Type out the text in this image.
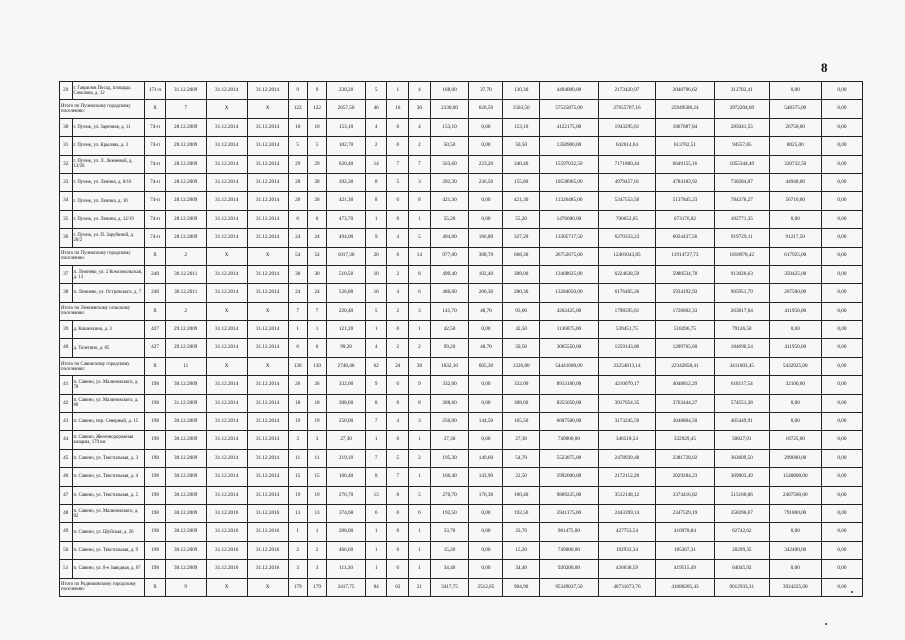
8
29	г. Гаврилов Посад, площадь Соколова, д. 12	171-п	31.12.2009	31.12.2014	31.12.2014	9	9	230,20	5	1	4	168,00	37,70	130,30	4494000,00	2173420,97	2048796,62	312782,41	0,00	0,00
Итого по Пучежскому городскому поселению:		X	7	X	X	122	122	2657,50	46	16	30	2130,00	626,50	1503,50	57525875,00	27055707,16	25949588,24	3972204,60	548375,00	0,00
30	г. Пучеж, ул. Заречная, д. 11	74-п	28.12.2009	31.12.2014	31.12.2014	10	10	153,10	4	0	4	153,10	0,00	153,10	4122175,00	1943295,61	1867087,84	285041,55	26750,00	0,00
31	г. Пучеж, ул. Крылова, д. 3	74-п	28.12.2009	31.12.2014	31.12.2014	5	5	102,70	2	0	2	50,50	0,00	50,50	1358900,00	642614,64	613702,51	94557,85	8025,00	0,00
32	г. Пучеж, ул. Л. Лежневой, д. 13/26	74-п	28.12.2009	31.12.2014	31.12.2014	29	29	620,40	14	7	7	563,60	223,20	340,40	15597032,50	7171800,44	6649155,16	1055344,40	320732,50	0,00
33	г. Пучеж, ул. Ленина, д. 8/16	74-п	28.12.2009	31.12.2014	31.12.2014	28	28	392,30	8	5	3	392,30	236,50	155,80	10538965,00	4979457,01	4784183,92	730284,07	44940,00	0,00
34	г. Пучеж, ул. Ленина, д. 10	74-п	28.12.2009	31.12.2014	31.12.2014	20	20	421,30	8	0	8	421,30	0,00	421,30	11326485,00	5347553,50	5137845,23	784376,27	56710,00	0,00
35	г. Пучеж, ул. Ленина, д. 12/19	74-п	28.12.2009	31.12.2014	31.12.2014	6	6	473,70	1	0	1	55,20	0,00	55,20	1476600,00	700652,65	673176,02	102771,35	0,00	0,00
36	г. Пучеж, ул. П. Зарубиной, д. 20/2	74-п	28.12.2009	31.12.2014	31.12.2014	24	24	494,00	9	4	5	494,00	166,80	327,20	13305717,50	6270333,23	6024437,56	919729,11	91217,50	0,00
Итого по Пучежскому городскому поселению:		X	2	X	X	54	54	1017,30	20	6	14	977,00	308,70	668,30	26752675,00	12401043,85	11914727,73	1818978,42	617925,00	0,00
37	п. Лежнево, ул. 2 Комсомольская, д. 13	248	30.12.2011	31.12.2014	31.12.2014	30	30	510,50	10	2	8	490,40	102,40	388,00	13468625,00	6224638,59	5980534,78	913026,63	350425,00	0,00
38	п. Лежнево, ул. Островского, д. 7	248	30.12.2011	31.12.2014	31.12.2014	24	24	526,80	10	4	6	486,60	206,30	280,30	13284050,00	6176405,26	5934192,93	905951,79	267500,00	0,00
Итого по Лежневскому сельскому поселению:		X	2	X	X	7	7	220,40	5	2	3	141,70	48,70	93,00	4202425,00	1798595,61	1728062,33	263817,04	411950,00	0,00
39	д. Кишелкино, д. 3	427	29.12.2009	31.12.2014	31.12.2014	1	1	121,20	1	0	1	42,50	0,00	42,50	1136875,00	539451,75	518296,75	79126,50	0,00	0,00
40	д. Телегино, д. 85	427	29.12.2009	31.12.2014	31.12.2014	6	6	99,20	4	2	2	99,20	48,70	50,50	3065550,00	1259143,86	1209765,60	184690,54	411950,00	0,00
Итого по Савинскому городскому поселению:		X	11	X	X	130	130	2740,48	62	24	38	1832,10	605,30	1226,80	54441600,00	23254813,14	22342858,41	3411003,45	5432925,00	0,00
41	п. Савино, ул. Малиновского, д. 78	198	30.12.2009	31.12.2014	31.12.2014	26	26	332,00	9	0	9	332,00	0,00	332,00	8913100,00	4210070,17	4048812,29	618117,54	32100,00	0,00
42	п. Савино, ул. Малиновского, д. 80	198	31.12.2009	31.12.2014	31.12.2014	18	18	308,60	8	0	8	308,60	0,00	308,60	8255050,00	3917054,35	3763444,27	574551,38	0,00	0,00
43	п. Савино, пер. Северный, д. 15	198	30.12.2009	31.12.2014	31.12.2014	19	19	250,00	7	4	3	250,00	144,50	105,50	6687500,00	3173245,59	3048804,50	465449,91	0,00	0,00
44	п. Савино, Железнодорожная казарма, 179 км	198	30.12.2009	31.12.2014	31.12.2014	3	3	27,30	1	0	1	27,30	0,00	27,30	749000,00	346518,54	332929,45	50827,01	18725,00	0,00
45	п. Савино, ул. Текстильная, д. 3	198	30.12.2009	31.12.2014	31.12.2014	11	11	219,10	7	5	2	195,30	140,60	54,70	5523875,00	2478939,48	2381728,02	363609,50	299600,00	0,00
46	п. Савино, ул. Текстильная, д. 4	198	30.12.2009	31.12.2014	31.12.2014	15	15	166,40	8	7	1	166,40	143,90	22,50	5992000,00	2172112,28	2029284,23	309803,49	1540800,00	0,00
47	п. Савино, ул. Текстильная, д. 5	198	30.12.2009	31.12.2014	31.12.2014	19	19	276,70	13	8	5	276,70	176,30	100,40	9809225,00	3512148,12	3374416,82	515160,06	2407500,00	0,00
48	п. Савино, ул. Малиновского, д. 82	198	30.12.2009	31.12.2016	31.12.2016	13	13	374,68	6	0	6	192,50	0,00	192,50	5941175,00	2443399,14	2347529,19	358396,67	791800,00	0,00
49	п. Савино, ул. Шуйская, д. 26	198	30.12.2009	31.12.2016	31.12.2016	1	1	208,00	1	0	1	33,70	0,00	33,70	901475,00	427753,54	410978,84	62742,62	0,00	0,00
50	п. Савино, ул. Текстильная, д. 9	198	30.12.2009	31.12.2016	31.12.2016	2	2	466,60	1	0	1	15,20	0,00	15,20	749000,00	192933,34	185367,31	28299,35	342400,00	0,00
51	п. Савино, ул. 8-е Заводная, д. 67	198	30.12.2009	31.12.2016	31.12.2016	3	3	111,30	1	0	1	34,40	0,00	34,40	920200,00	436638,59	419515,49	64045,92	0,00	0,00
Итого по Родниковскому городскому поселению:		X	9	X	X	179	179	3417,75	84	63	21	3417,75	2512,85	904,90	95349037,50	40731673,76	41680205,43	9012933,31	3924225,00	0,00
